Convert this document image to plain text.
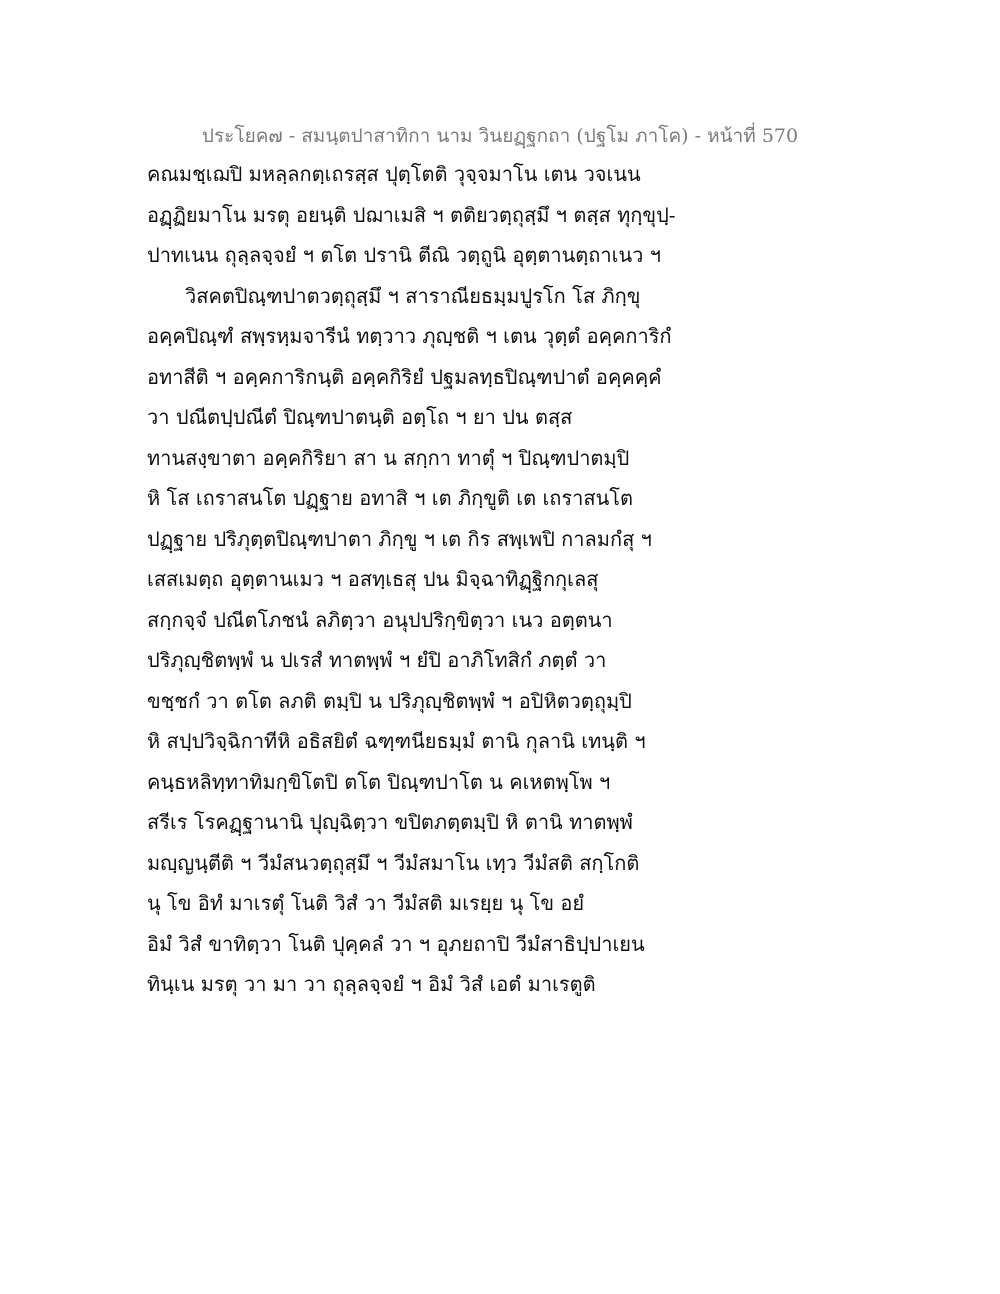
ประโยค๗ - สมนฺตปาสาทิกา นาม วินยฏฺฐกถา (ปฐโม ภาโค) - หน้าที่ 570
คณมชฺเฌปิ มหลฺลกตฺเถรสฺส ปุตฺโตติ วุจฺจมาโน เตน วจเนน
อฏฺฏิยมาโน มรตุ อยนฺติ ปฌาเมสิ ฯ ตติยวตฺถุสฺมึ ฯ ตสฺส ทุกฺขุปฺ-
ปาทเนน ถุลฺลจฺจยํ ฯ ตโต ปรานิ ตีณิ วตฺถูนิ อุตฺตานตฺถาเนว ฯ
วิสคตปิณฺฑปาตวตฺถุสฺมึ ฯ สาราณียธมฺมปูรโก โส ภิกฺขุ
อคฺคปิณฺฑํ สพฺรหฺมจารีนํ ทตฺวาว ภุญฺชติ ฯ เตน วุตฺตํ อคฺคการิกํ
อทาสีติ ฯ อคฺคการิกนฺติ อคฺคกิริยํ ปฐมลทฺธปิณฺฑปาตํ อคฺคคฺคํ
วา ปณีตปฺปณีตํ ปิณฺฑปาตนฺติ อตฺโถ ฯ ยา ปน ตสฺส
ทานสงฺขาตา อคฺคกิริยา สา น สกฺกา ทาตุํ ฯ ปิณฺฑปาตมฺปิ
หิ โส เถราสนโต ปฏฺฐาย อทาสิ ฯ เต ภิกฺขูติ เต เถราสนโต
ปฏฺฐาย ปริภุตฺตปิณฺฑปาตา ภิกฺขู ฯ เต กิร สพฺเพปิ กาลมกํสุ ฯ
เสสเมตฺถ อุตฺตานเมว ฯ อสทฺเธสุ ปน มิจฺฉาทิฏฺฐิกกุเลสุ
สกฺกจฺจํ ปณีตโภชนํ ลภิตฺวา อนุปปริกฺขิตฺวา เนว อตฺตนา
ปริภุญฺชิตพฺพํ น ปเรสํ ทาตพฺพํ ฯ ยํปิ อาภิโทสิกํ ภตฺตํ วา
ขชฺชกํ วา ตโต ลภติ ตมฺปิ น ปริภุญฺชิตพฺพํ ฯ อปิหิตวตฺถุมฺปิ
หิ สปฺปวิจฺฉิกาทีหิ อธิสยิตํ ฉฑฺฑนียธมฺมํ ตานิ กุลานิ เทนฺติ ฯ
คนฺธหลิทฺทาทิมกฺขิโตปิ ตโต ปิณฺฑปาโต น คเหตพฺโพ ฯ
สรีเร โรคฏฺฐานานิ ปุญฺฉิตฺวา ขปิตภตฺตมฺปิ หิ ตานิ ทาตพฺพํ
มญฺญนฺตีติ ฯ วีมํสนวตฺถุสฺมึ ฯ วีมํสมาโน เทฺว วีมํสติ สกฺโกติ
นุ โข อิทํ มาเรตุํ โนติ วิสํ วา วีมํสติ มเรยฺย นุ โข อยํ
อิมํ วิสํ ขาทิตฺวา โนติ ปุคฺคลํ วา ฯ อุภยถาปิ วีมํสาธิปฺปาเยน
ทินฺเน มรตุ วา มา วา ถุลฺลจฺจยํ ฯ อิมํ วิสํ เอตํ มาเรตูติ
